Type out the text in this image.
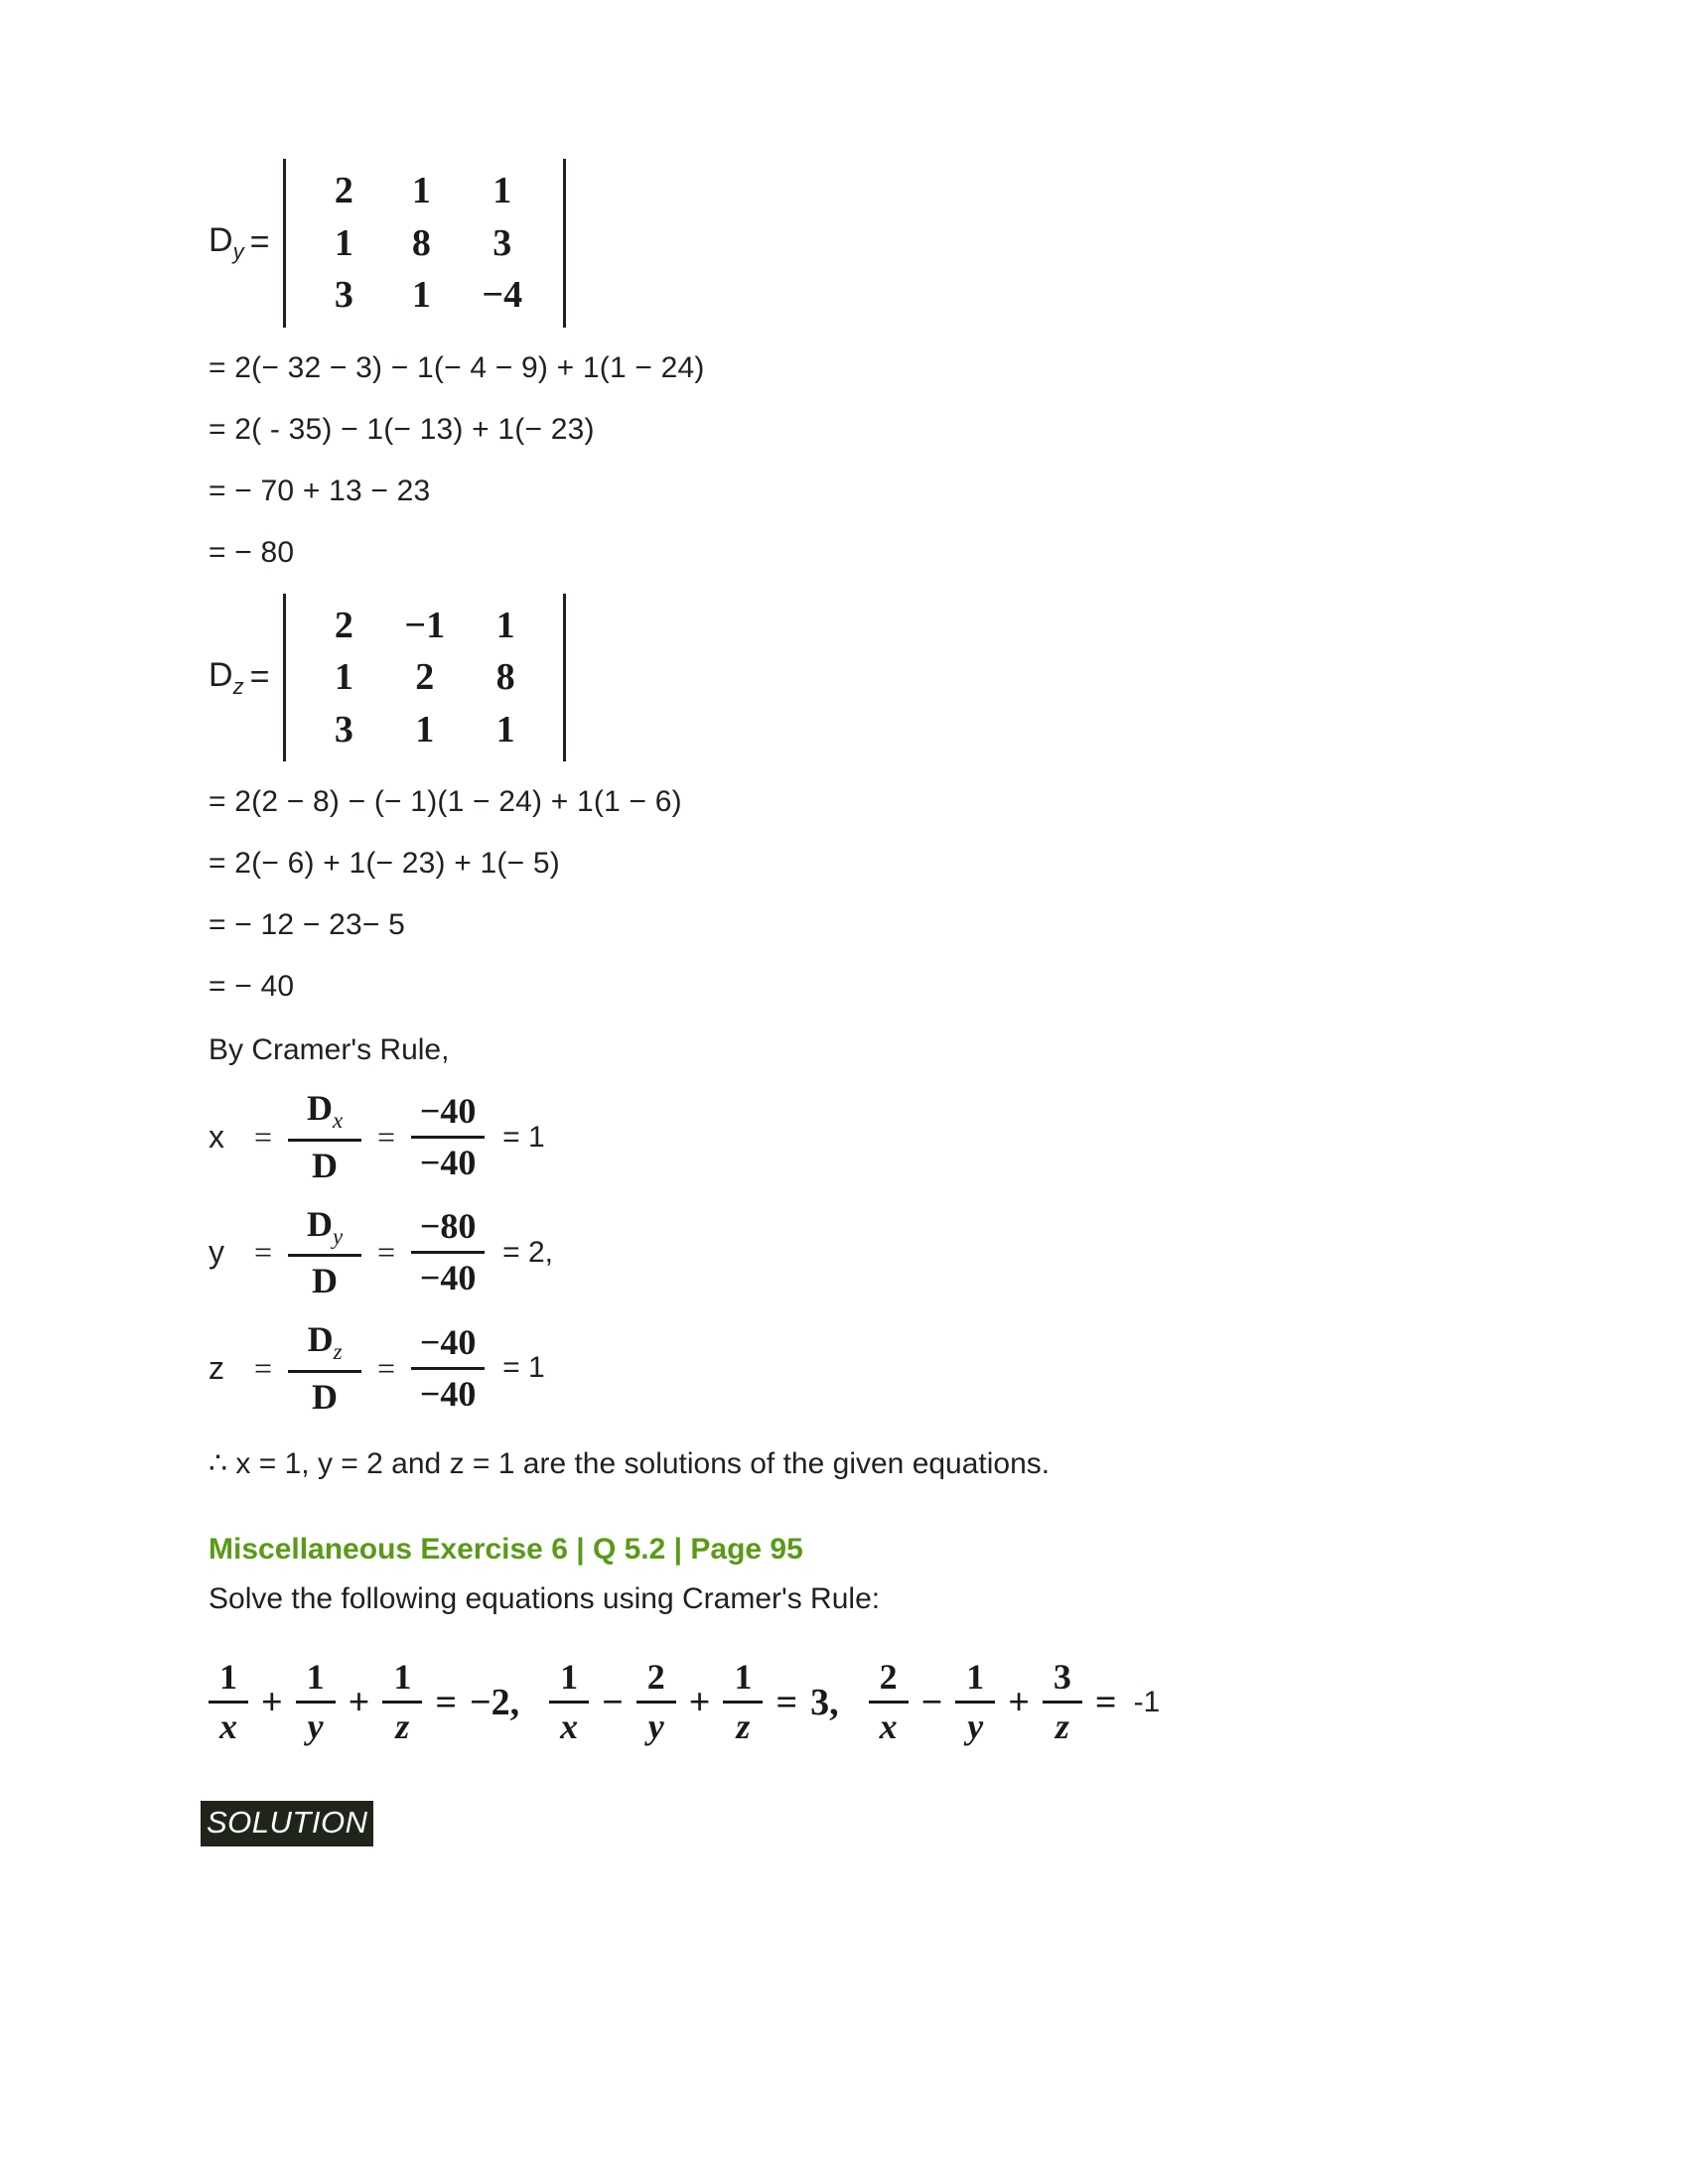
$D_y$ =
2	1	1
1	8	3
3	1	−4
= 2(− 32 − 3) − 1(− 4 − 9) + 1(1 − 24)
= 2( - 35) − 1(− 13) + 1(− 23)
= − 70 + 13 − 23
= − 80
$D_z$ =
2	−1	1
1	2	8
3	1	1
= 2(2 − 8) − (− 1)(1 − 24) + 1(1 − 6)
= 2(− 6) + 1(− 23) + 1(− 5)
= − 12 − 23− 5
= − 40
By Cramer's Rule,
$x = \frac{D_x}{D} = \frac{-40}{-40} = 1$
$y = \frac{D_y}{D} = \frac{-80}{-40} = 2$,
$z = \frac{D_z}{D} = \frac{-40}{-40} = 1$
∴ x = 1, y = 2 and z = 1 are the solutions of the given equations.
Miscellaneous Exercise 6 | Q 5.2 | Page 95
Solve the following equations using Cramer's Rule:
$\frac{1}{x} + \frac{1}{y} + \frac{1}{z} = -2$, $\frac{1}{x} - \frac{2}{y} + \frac{1}{z} = 3$, $\frac{2}{x} - \frac{1}{y} + \frac{3}{z} = -1$
SOLUTION
